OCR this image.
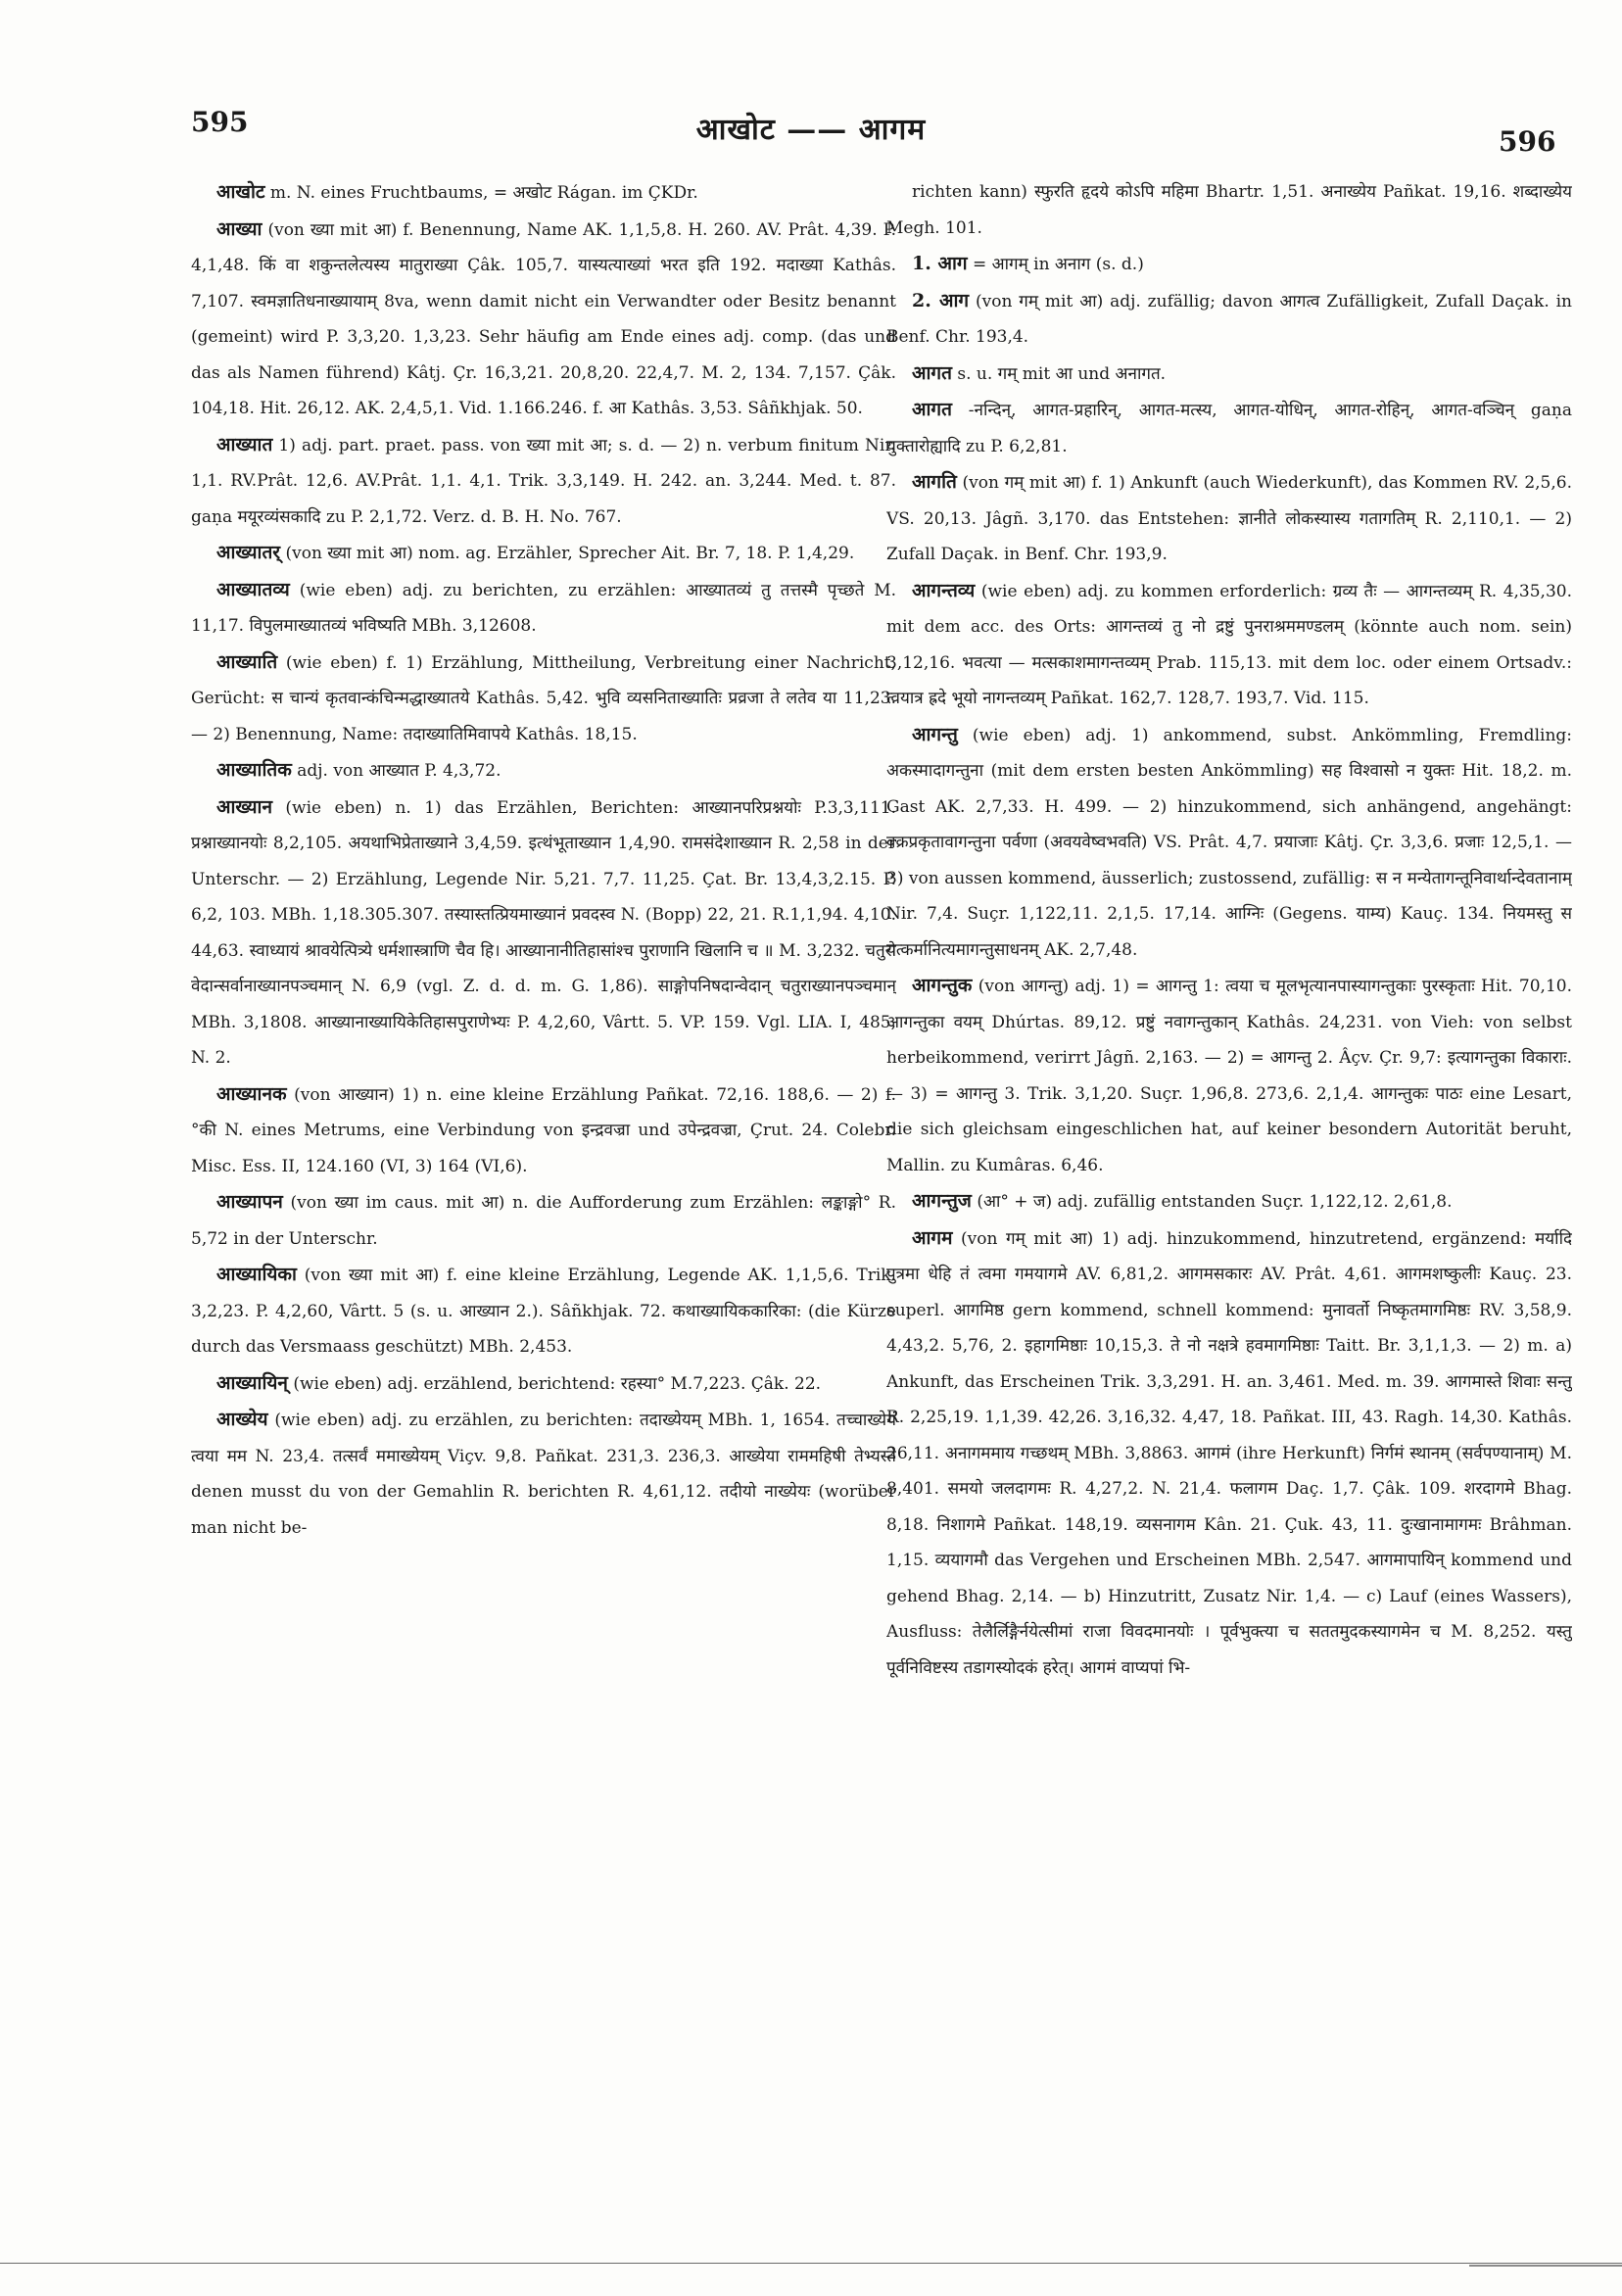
595	आखोट —— आगम	596

आखोट m. N. eines Fruchtbaums, = अखोट Rágan. im ÇKDr.

आख्या (von ख्या mit आ) f. Benennung, Name AK. 1,1,5,8. H. 260. AV. Prât. 4,39. P. 4,1,48. किं वा शकुन्तलेत्यस्य मातुराख्या Çâk. 105,7. यास्यत्याख्यां भरत इति 192. मदाख्या Kathâs. 7,107. स्वमज्ञातिधनाख्यायाम् 8va, wenn damit nicht ein Verwandter oder Besitz benannt (gemeint) wird P. 3,3,20. 1,3,23. Sehr häufig am Ende eines adj. comp. (das und das als Namen führend) Kâtj. Çr. 16,3,21. 20,8,20. 22,4,7. M. 2, 134. 7,157. Çâk. 104,18. Hit. 26,12. AK. 2,4,5,1. Vid. 1.166.246. f. आ Kathâs. 3,53. Sâñkhjak. 50.

आख्यात 1) adj. part. praet. pass. von ख्या mit आ; s. d. — 2) n. verbum finitum Nir. 1,1. RV.Prât. 12,6. AV.Prât. 1,1. 4,1. Trik. 3,3,149. H. 242. an. 3,244. Med. t. 87. gaṇa मयूरव्यंसकादि zu P. 2,1,72. Verz. d. B. H. No. 767.

आख्यातर् (von ख्या mit आ) nom. ag. Erzähler, Sprecher Ait. Br. 7, 18. P. 1,4,29.

आख्यातव्य (wie eben) adj. zu berichten, zu erzählen: आख्यातव्यं तु तत्तस्मै पृच्छते M. 11,17. विपुलमाख्यातव्यं भविष्यति MBh. 3,12608.

आख्याति (wie eben) f. 1) Erzählung, Mittheilung, Verbreitung einer Nachricht, Gerücht: स चान्यं कृतवान्कंचिन्मद्धाख्यातये Kathâs. 5,42. भुवि व्यसनिताख्यातिः प्रव्रजा ते लतेव या 11,23. — 2) Benennung, Name: तदाख्यातिमिवापये Kathâs. 18,15.

आख्यातिक adj. von आख्यात P. 4,3,72.

आख्यान (wie eben) n. 1) das Erzählen, Berichten: आख्यानपरिप्रश्नयोः P.3,3,111. प्रश्नाख्यानयोः 8,2,105. अयथाभिप्रेताख्याने 3,4,59. इत्थंभूताख्यान 1,4,90. रामसंदेशाख्यान R. 2,58 in der Unterschr. — 2) Erzählung, Legende Nir. 5,21. 7,7. 11,25. Çat. Br. 13,4,3,2.15. P. 6,2, 103. MBh. 1,18.305.307. तस्यास्तत्प्रियमाख्यानं प्रवदस्व N. (Bopp) 22, 21. R.1,1,94. 4,10. 44,63. स्वाध्यायं श्रावयेत्पित्र्ये धर्मशास्त्राणि चैव हि। आख्यानानीतिहासांश्च पुराणानि खिलानि च ॥ M. 3,232. चतुरो वेदान्सर्वानाख्यानपञ्चमान् N. 6,9 (vgl. Z. d. d. m. G. 1,86). साङ्गोपनिषदान्वेदान् चतुराख्यानपञ्चमान् MBh. 3,1808. आख्यानाख्यायिकेतिहासपुराणेभ्यः P. 4,2,60, Vârtt. 5. VP. 159. Vgl. LIA. I, 485, N. 2.

आख्यानक (von आख्यान) 1) n. eine kleine Erzählung Pañkat. 72,16. 188,6. — 2) f. °की N. eines Metrums, eine Verbindung von इन्द्रवज्रा und उपेन्द्रवज्रा, Çrut. 24. Colebr. Misc. Ess. II, 124.160 (VI, 3) 164 (VI,6).

आख्यापन (von ख्या im caus. mit आ) n. die Aufforderung zum Erzählen: लङ्काङ्गो° R. 5,72 in der Unterschr.

आख्यायिका (von ख्या mit आ) f. eine kleine Erzählung, Legende AK. 1,1,5,6. Trik. 3,2,23. P. 4,2,60, Vârtt. 5 (s. u. आख्यान 2.). Sâñkhjak. 72. कथाख्यायिककारिका: (die Kürze durch das Versmaass geschützt) MBh. 2,453.

आख्यायिन् (wie eben) adj. erzählend, berichtend: रहस्या° M.7,223. Çâk. 22.

आख्येय (wie eben) adj. zu erzählen, zu berichten: तदाख्येयम् MBh. 1, 1654. तच्चाख्येयं त्वया मम N. 23,4. तत्सर्वं ममाख्येयम् Viçv. 9,8. Pañkat. 231,3. 236,3. आख्येया राममहिषी तेभ्यस्ते denen musst du von der Gemahlin R. berichten R. 4,61,12. तदीयो नाख्येयः (worüber man nicht be-

richten kann) स्फुरति हृदये कोऽपि महिमा Bhartr. 1,51. अनाख्येय Pañkat. 19,16. शब्दाख्येय Megh. 101.

1. आग = आगम् in अनाग (s. d.)

2. आग (von गम् mit आ) adj. zufällig; davon आगत्व Zufälligkeit, Zufall Daçak. in Benf. Chr. 193,4.

आगत s. u. गम् mit आ und अनागत.

आगत -नन्दिन्, आगत-प्रहारिन्, आगत-मत्स्य, आगत-योधिन्, आगत-रोहिन्, आगत-वञ्चिन् gaṇa युक्तारोह्यादि zu P. 6,2,81.

आगति (von गम् mit आ) f. 1) Ankunft (auch Wiederkunft), das Kommen RV. 2,5,6. VS. 20,13. Jâgñ. 3,170. das Entstehen: ज्ञानीते लोकस्यास्य गतागतिम् R. 2,110,1. — 2) Zufall Daçak. in Benf. Chr. 193,9.

आगन्तव्य (wie eben) adj. zu kommen erforderlich: ग्रव्य तैः — आगन्तव्यम् R. 4,35,30. mit dem acc. des Orts: आगन्तव्यं तु नो द्रष्टुं पुनराश्रममण्डलम् (könnte auch nom. sein) 3,12,16. भवत्या — मत्सकाशमागन्तव्यम् Prab. 115,13. mit dem loc. oder einem Ortsadv.: त्वयात्र ह्रदे भूयो नागन्तव्यम् Pañkat. 162,7. 128,7. 193,7. Vid. 115.

आगन्तु (wie eben) adj. 1) ankommend, subst. Ankömmling, Fremdling: अकस्मादागन्तुना (mit dem ersten besten Ankömmling) सह विश्वासो न युक्तः Hit. 18,2. m. Gast AK. 2,7,33. H. 499. — 2) hinzukommend, sich anhängend, angehängt: वक्रप्रकृतावागन्तुना पर्वणा (अवयवेष्वभवति) VS. Prât. 4,7. प्रयाजाः Kâtj. Çr. 3,3,6. प्रजाः 12,5,1. — 3) von aussen kommend, äusserlich; zustossend, zufällig: स न मन्येतागन्तूनिवार्थान्देवतानाम् Nir. 7,4. Suçr. 1,122,11. 2,1,5. 17,14. आग्निः (Gegens. याम्य) Kauç. 134. नियमस्तु स यत्कर्मानित्यमागन्तुसाधनम् AK. 2,7,48.

आगन्तुक (von आगन्तु) adj. 1) = आगन्तु 1: त्वया च मूलभृत्यानपास्यागन्तुकाः पुरस्कृताः Hit. 70,10. आगन्तुका वयम् Dhúrtas. 89,12. प्रष्टुं नवागन्तुकान् Kathâs. 24,231. von Vieh: von selbst herbeikommend, verirrt Jâgñ. 2,163. — 2) = आगन्तु 2. Âçv. Çr. 9,7: इत्यागन्तुका विकाराः. — 3) = आगन्तु 3. Trik. 3,1,20. Suçr. 1,96,8. 273,6. 2,1,4. आगन्तुकः पाठः eine Lesart, die sich gleichsam eingeschlichen hat, auf keiner besondern Autorität beruht, Mallin. zu Kumâras. 6,46.

आगन्तुज (आ° + ज) adj. zufällig entstanden Suçr. 1,122,12. 2,61,8.

आगम (von गम् mit आ) 1) adj. hinzukommend, hinzutretend, ergänzend: मर्यादि पुत्रमा धेहि तं त्वमा गमयागमे AV. 6,81,2. आगमसकारः AV. Prât. 4,61. आगमशष्कुलीः Kauç. 23. superl. आगमिष्ठ gern kommend, schnell kommend: मुनावर्तो निष्कृतमागमिष्ठः RV. 3,58,9. 4,43,2. 5,76, 2. इहागमिष्ठाः 10,15,3. ते नो नक्षत्रे हवमागमिष्ठाः Taitt. Br. 3,1,1,3. — 2) m. a) Ankunft, das Erscheinen Trik. 3,3,291. H. an. 3,461. Med. m. 39. आगमास्ते शिवाः सन्तु R. 2,25,19. 1,1,39. 42,26. 3,16,32. 4,47, 18. Pañkat. III, 43. Ragh. 14,30. Kathâs. 26,11. अनागममाय गच्छथम् MBh. 3,8863. आगमं (ihre Herkunft) निर्गमं स्थानम् (सर्वपण्यानाम्) M. 8,401. समयो जलदागमः R. 4,27,2. N. 21,4. फलागम Daç. 1,7. Çâk. 109. शरदागमे Bhag. 8,18. निशागमे Pañkat. 148,19. व्यसनागम Kân. 21. Çuk. 43, 11. दुःखानामागमः Brâhman. 1,15. व्ययागमौ das Vergehen und Erscheinen MBh. 2,547. आगमापायिन् kommend und gehend Bhag. 2,14. — b) Hinzutritt, Zusatz Nir. 1,4. — c) Lauf (eines Wassers), Ausfluss: तेलैर्लिङ्गैर्नयेत्सीमां राजा विवदमानयोः । पूर्वभुक्त्या च सततमुदकस्यागमेन च M. 8,252. यस्तु पूर्वनिविष्टस्य तडागस्योदकं हरेत्। आगमं वाप्यपां भि-
